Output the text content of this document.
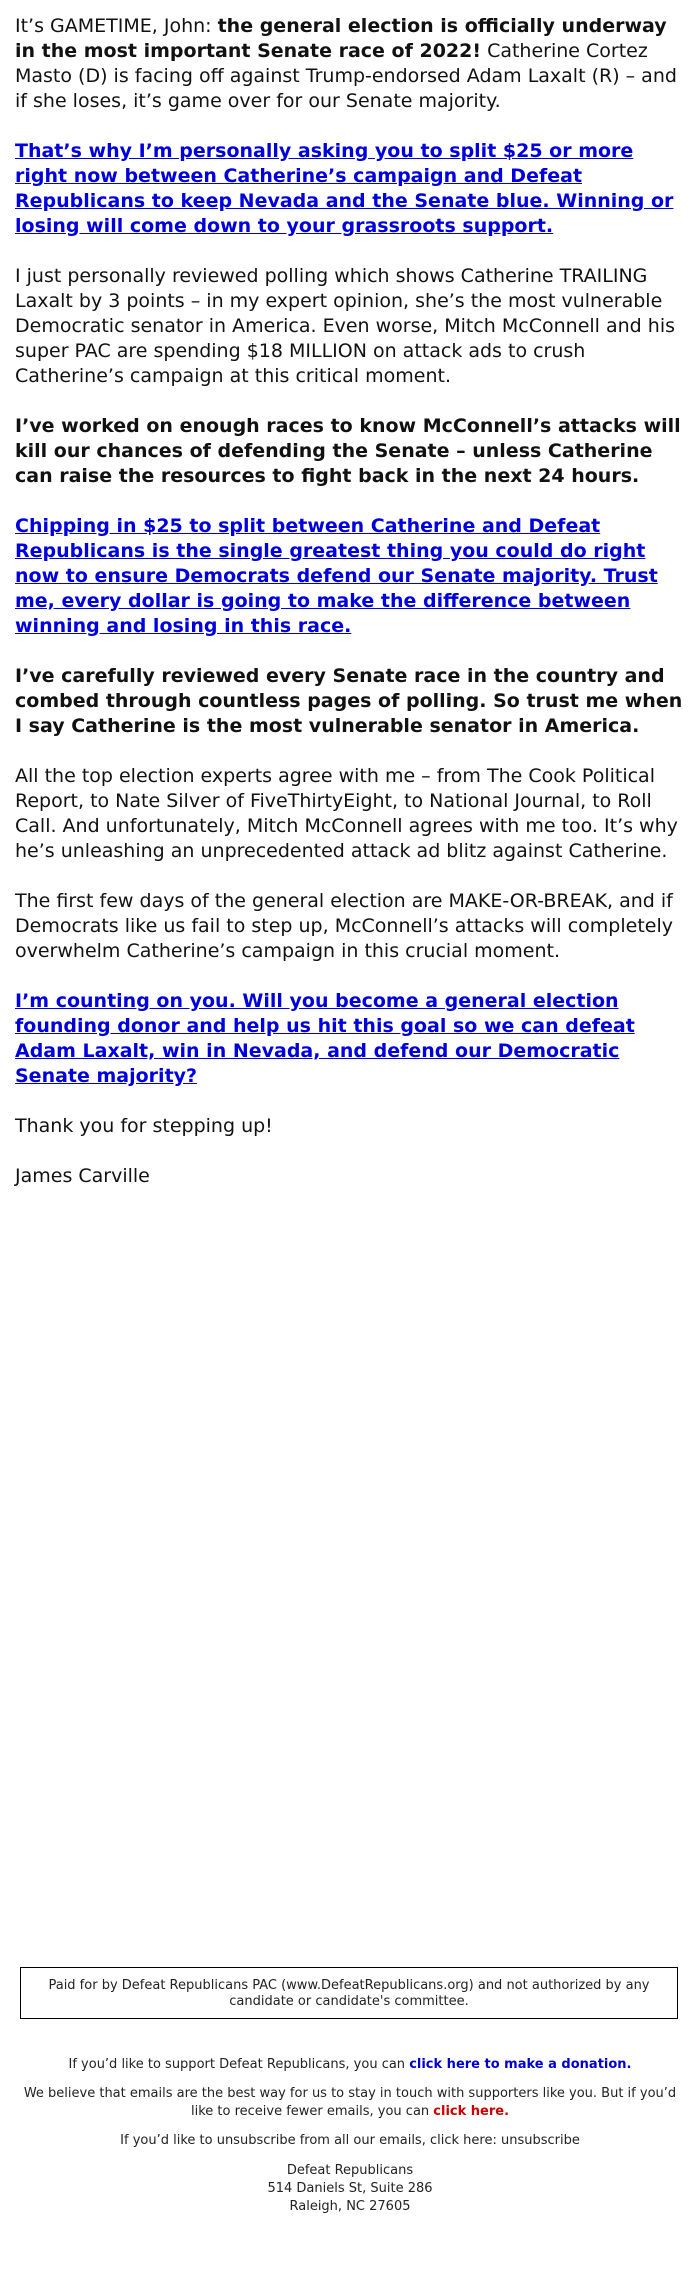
It’s GAMETIME, John: the general election is officially underway in the most important Senate race of 2022! Catherine Cortez Masto (D) is facing off against Trump-endorsed Adam Laxalt (R) – and if she loses, it’s game over for our Senate majority.

That’s why I’m personally asking you to split $25 or more right now between Catherine’s campaign and Defeat Republicans to keep Nevada and the Senate blue. Winning or losing will come down to your grassroots support.

I just personally reviewed polling which shows Catherine TRAILING Laxalt by 3 points – in my expert opinion, she’s the most vulnerable Democratic senator in America. Even worse, Mitch McConnell and his super PAC are spending $18 MILLION on attack ads to crush Catherine’s campaign at this critical moment.

I’ve worked on enough races to know McConnell’s attacks will kill our chances of defending the Senate – unless Catherine can raise the resources to fight back in the next 24 hours.

Chipping in $25 to split between Catherine and Defeat Republicans is the single greatest thing you could do right now to ensure Democrats defend our Senate majority. Trust me, every dollar is going to make the difference between winning and losing in this race.

I’ve carefully reviewed every Senate race in the country and combed through countless pages of polling. So trust me when I say Catherine is the most vulnerable senator in America.

All the top election experts agree with me – from The Cook Political Report, to Nate Silver of FiveThirtyEight, to National Journal, to Roll Call. And unfortunately, Mitch McConnell agrees with me too. It’s why he’s unleashing an unprecedented attack ad blitz against Catherine.

The first few days of the general election are MAKE-OR-BREAK, and if Democrats like us fail to step up, McConnell’s attacks will completely overwhelm Catherine’s campaign in this crucial moment.

I’m counting on you. Will you become a general election founding donor and help us hit this goal so we can defeat Adam Laxalt, win in Nevada, and defend our Democratic Senate majority?

Thank you for stepping up!

James Carville

Paid for by Defeat Republicans PAC (www.DefeatRepublicans.org) and not authorized by any candidate or candidate's committee.
If you’d like to support Defeat Republicans, you can click here to make a donation.
We believe that emails are the best way for us to stay in touch with supporters like you. But if you’d like to receive fewer emails, you can click here.
If you’d like to unsubscribe from all our emails, click here: unsubscribe
Defeat Republicans
514 Daniels St, Suite 286
Raleigh, NC 27605
